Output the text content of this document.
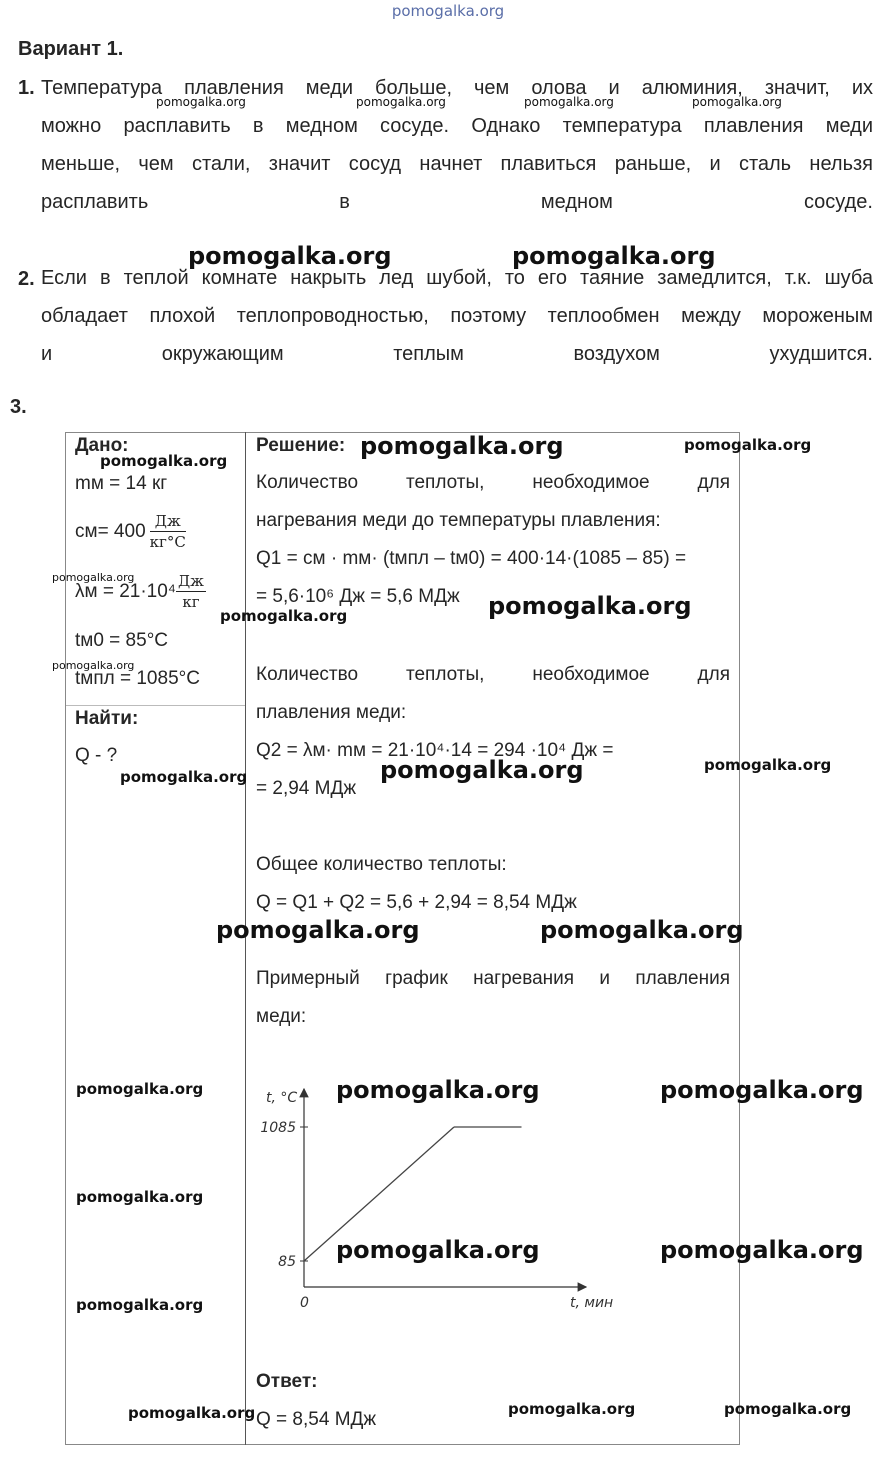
pomogalka.org
Вариант 1.
1. Температура плавления меди больше, чем олова и алюминия, значит, их
можно расплавить в медном сосуде. Однако температура плавления меди
меньше, чем стали, значит сосуд начнет плавиться раньше, и сталь нельзя
расплавить в медном сосуде.
pomogalka.org	pomogalka.org	pomogalka.org	pomogalka.org
pomogalka.org	pomogalka.org
2. Если в теплой комнате накрыть лед шубой, то его таяние замедлится, т.к. шуба
обладает плохой теплопроводностью, поэтому теплообмен между мороженым
и окружающим теплым воздухом ухудшится.
3.
Дано:
pomogalka.org
mм = 14 кг
$cм= 400 \frac{Дж}{кг^\circ C}$
pomogalka.org
$\lambda м = 21\cdot 10^4 \frac{Дж}{кг}$
pomogalka.org
tм0 = 85°C
pomogalka.org
tмпл = 1085°C
Найти:
Q - ?
pomogalka.org
pomogalka.org
pomogalka.org
pomogalka.org
pomogalka.org
Решение: pomogalka.org	pomogalka.org
Количество теплоты, необходимое для
нагревания меди до температуры плавления:
Q1 = cм · mм· (tмпл – tм0) = 400·14·(1085 – 85) =
= 5,6·10⁶ Дж = 5,6 МДж	pomogalka.org
Количество теплоты, необходимое для
плавления меди:
Q2 = λм· mм = 21·10⁴·14 = 294 ·10⁴ Дж =
= 2,94 МДж
pomogalka.org	pomogalka.org
Общее количество теплоты:
Q = Q1 + Q2 = 5,6 + 2,94 = 8,54 МДж
pomogalka.org	pomogalka.org
Примерный график нагревания и плавления
меди:
t, °C
t, мин
0
85
1085
pomogalka.org	pomogalka.org
pomogalka.org	pomogalka.org
Ответ:
Q = 8,54 МДж	pomogalka.org	pomogalka.org
